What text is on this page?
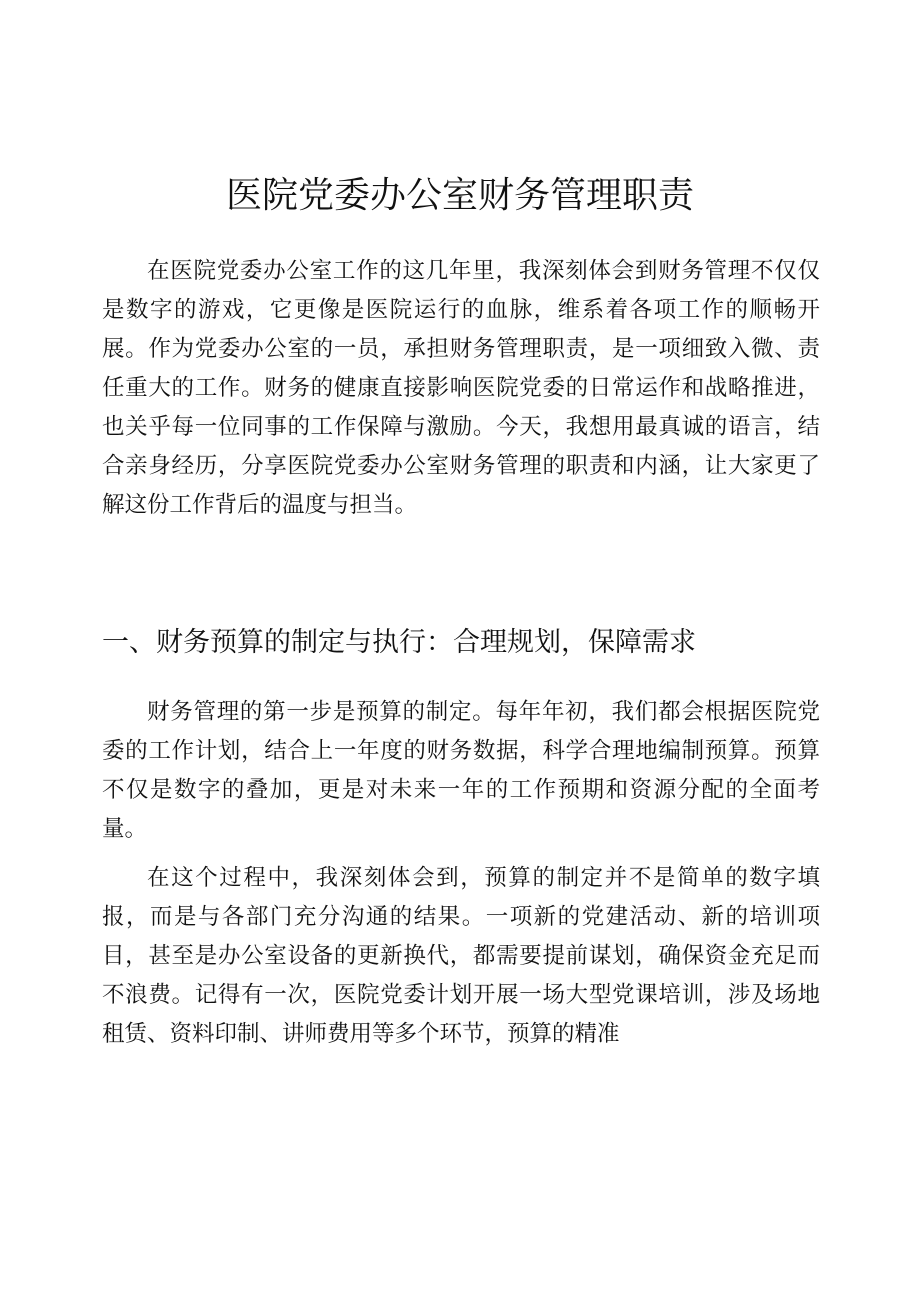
医院党委办公室财务管理职责

在医院党委办公室工作的这几年里，我深刻体会到财务管理不仅仅是数字的游戏，它更像是医院运行的血脉，维系着各项工作的顺畅开展。作为党委办公室的一员，承担财务管理职责，是一项细致入微、责任重大的工作。财务的健康直接影响医院党委的日常运作和战略推进，也关乎每一位同事的工作保障与激励。今天，我想用最真诚的语言，结合亲身经历，分享医院党委办公室财务管理的职责和内涵，让大家更了解这份工作背后的温度与担当。

一、财务预算的制定与执行：合理规划，保障需求

财务管理的第一步是预算的制定。每年年初，我们都会根据医院党委的工作计划，结合上一年度的财务数据，科学合理地编制预算。预算不仅是数字的叠加，更是对未来一年的工作预期和资源分配的全面考量。

在这个过程中，我深刻体会到，预算的制定并不是简单的数字填报，而是与各部门充分沟通的结果。一项新的党建活动、新的培训项目，甚至是办公室设备的更新换代，都需要提前谋划，确保资金充足而不浪费。记得有一次，医院党委计划开展一场大型党课培训，涉及场地租赁、资料印制、讲师费用等多个环节，预算的精准
